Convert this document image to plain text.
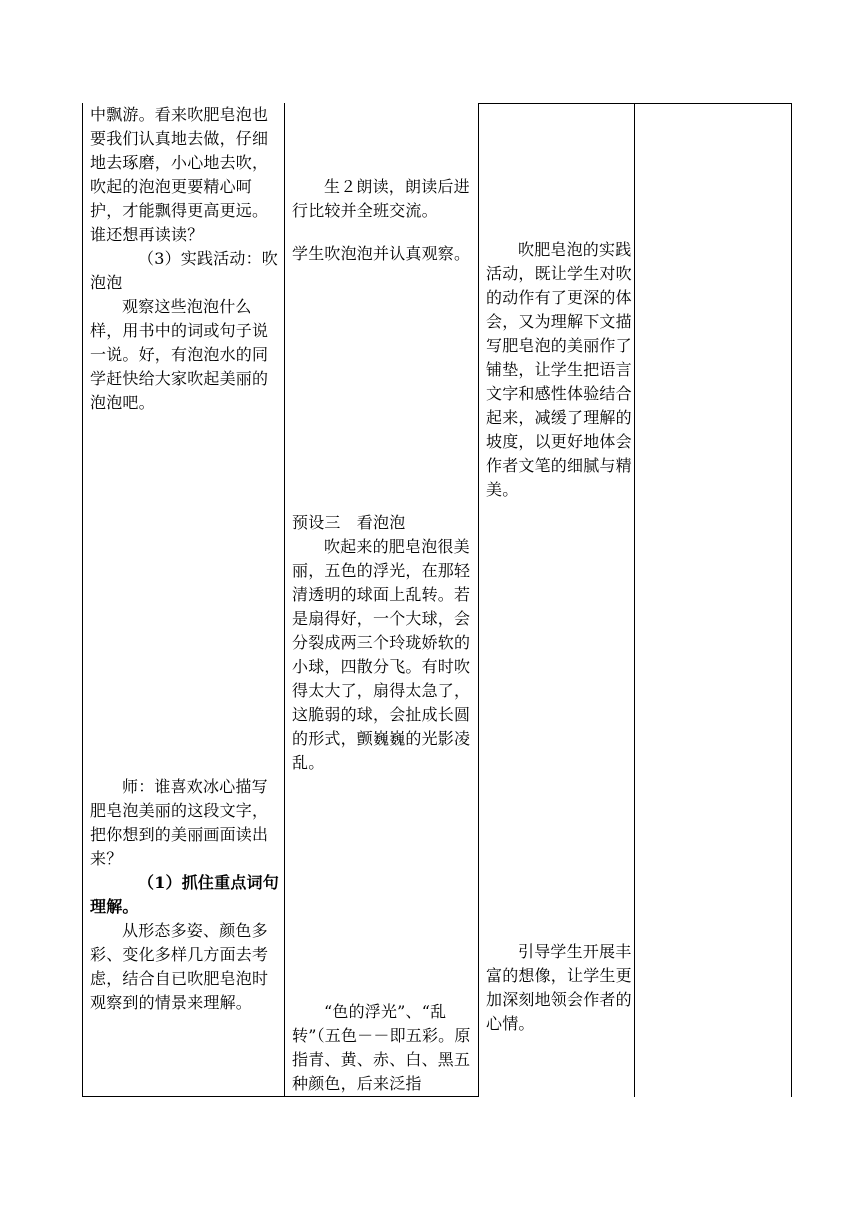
中飘游。看来吹肥皂泡也要我们认真地去做，仔细地去琢磨，小心地去吹，吹起的泡泡更要精心呵护，才能飘得更高更远。谁还想再读读？

（3）实践活动：吹泡泡

观察这些泡泡什么样，用书中的词或句子说一说。好，有泡泡水的同学赶快给大家吹起美丽的泡泡吧。

师：谁喜欢冰心描写肥皂泡美丽的这段文字，把你想到的美丽画面读出来？

（1）抓住重点词句理解。

从形态多姿、颜色多彩、变化多样几方面去考虑，结合自已吹肥皂泡时观察到的情景来理解。

生２朗读，朗读后进行比较并全班交流。

学生吹泡泡并认真观察。

预设三　看泡泡

吹起来的肥皂泡很美丽，五色的浮光，在那轻清透明的球面上乱转。若是扇得好，一个大球，会分裂成两三个玲珑娇软的小球，四散分飞。有时吹得太大了，扇得太急了，这脆弱的球，会扯成长圆的形式，颤巍巍的光影凌乱。

“色的浮光”、“乱转”（五色－－即五彩。原指青、黄、赤、白、黑五种颜色，后来泛指

吹肥皂泡的实践活动，既让学生对吹的动作有了更深的体会，又为理解下文描写肥皂泡的美丽作了铺垫，让学生把语言文字和感性体验结合起来，减缓了理解的坡度，以更好地体会作者文笔的细腻与精美。

引导学生开展丰富的想像，让学生更加深刻地领会作者的心情。
